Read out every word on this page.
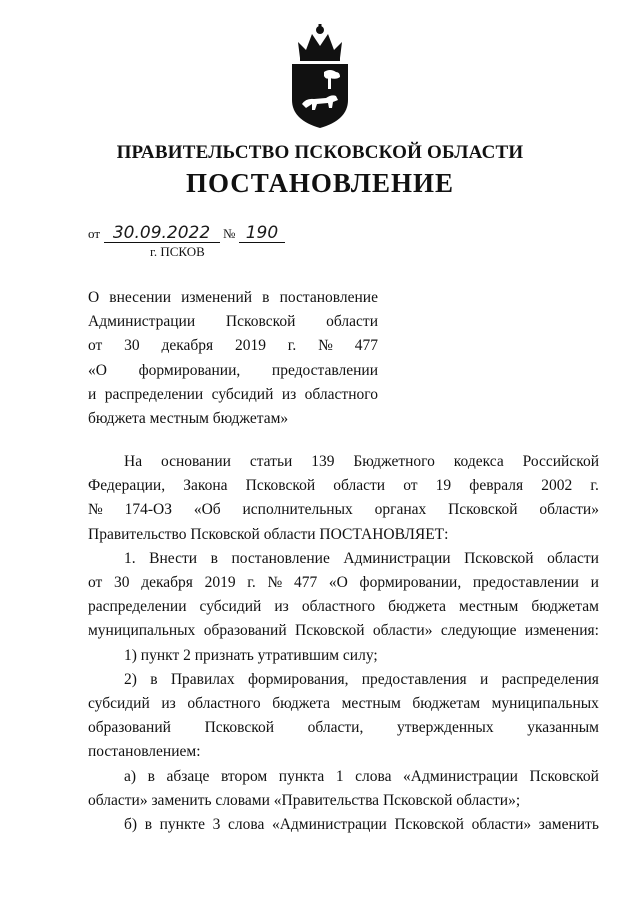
ПРАВИТЕЛЬСТВО ПСКОВСКОЙ ОБЛАСТИ
ПОСТАНОВЛЕНИЕ
от 30.09.2022 № 190
г. ПСКОВ
О внесении изменений в постановление
Администрации Псковской области
от 30 декабря 2019 г. № 477
«О формировании, предоставлении
и распределении субсидий из областного
бюджета местным бюджетам»
На основании статьи 139 Бюджетного кодекса Российской
Федерации, Закона Псковской области от 19 февраля 2002 г.
№ 174-ОЗ «Об исполнительных органах Псковской области»
Правительство Псковской области ПОСТАНОВЛЯЕТ:
1. Внести в постановление Администрации Псковской области
от 30 декабря 2019 г. № 477 «О формировании, предоставлении и
распределении субсидий из областного бюджета местным бюджетам
муниципальных образований Псковской области» следующие изменения:
1) пункт 2 признать утратившим силу;
2) в Правилах формирования, предоставления и распределения
субсидий из областного бюджета местным бюджетам муниципальных
образований Псковской области, утвержденных указанным
постановлением:
а) в абзаце втором пункта 1 слова «Администрации Псковской
области» заменить словами «Правительства Псковской области»;
б) в пункте 3 слова «Администрации Псковской области» заменить
